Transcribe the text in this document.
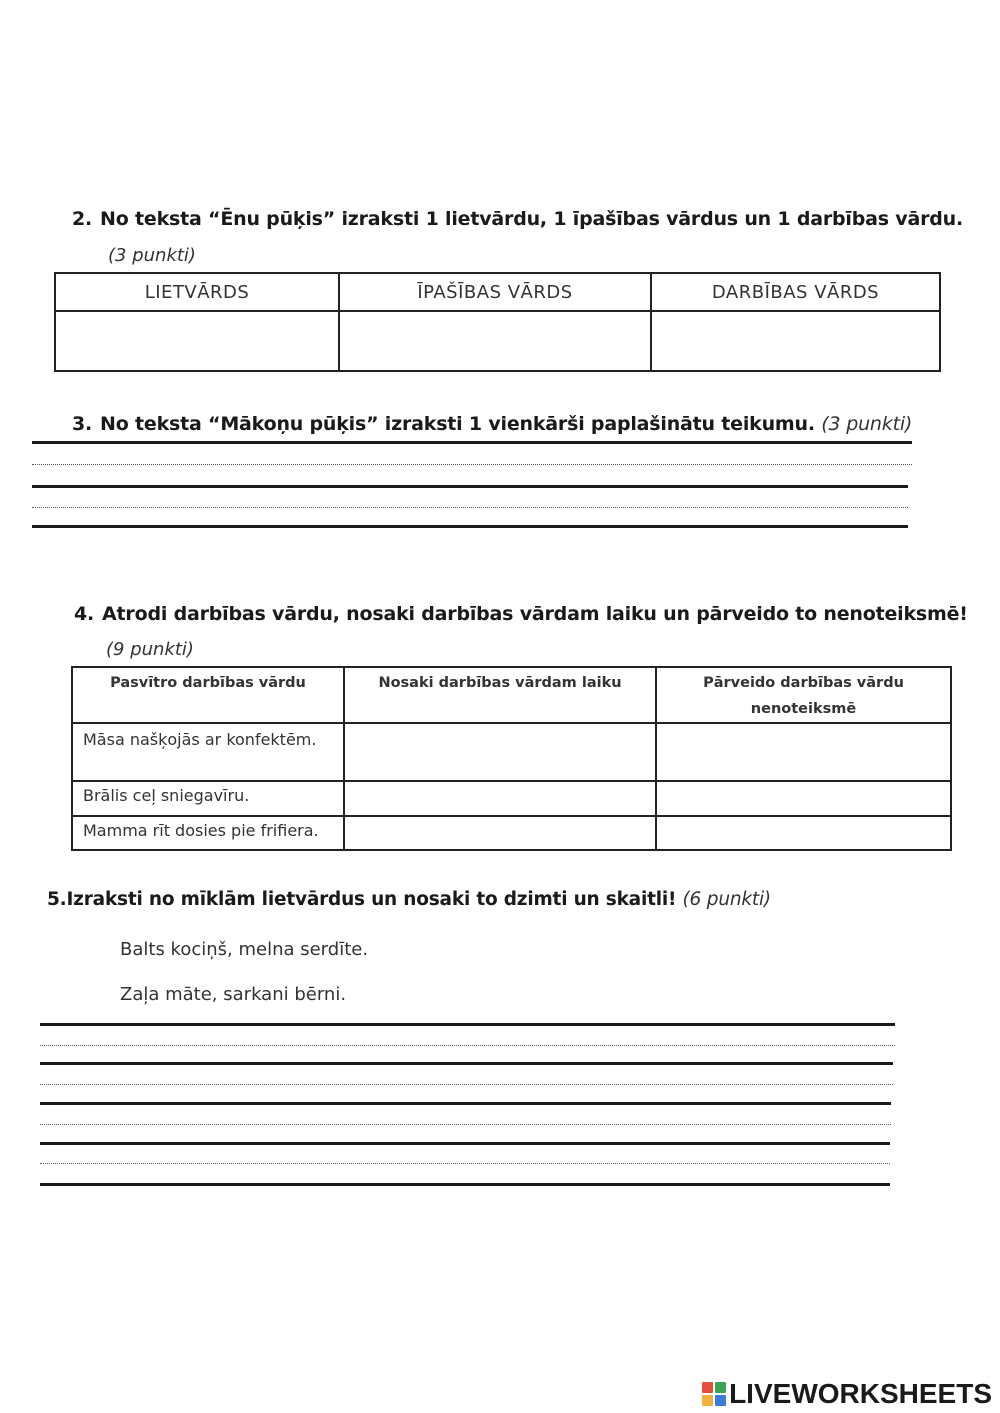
2. No teksta “Ēnu pūķis” izraksti 1 lietvārdu, 1 īpašības vārdus un 1 darbības vārdu.
(3 punkti)
LIETVĀRDS	ĪPAŠĪBAS VĀRDS	DARBĪBAS VĀRDS

3. No teksta “Mākoņu pūķis” izraksti 1 vienkārši paplašinātu teikumu. (3 punkti)
4. Atrodi darbības vārdu, nosaki darbības vārdam laiku un pārveido to nenoteiksmē!
(9 punkti)
Pasvītro darbības vārdu	Nosaki darbības vārdam laiku	Pārveido darbības vārdu nenoteiksmē
Māsa našķojās ar konfektēm.		
Brālis ceļ sniegavīru.		
Mamma rīt dosies pie frifiera.		
5.Izraksti no mīklām lietvārdus un nosaki to dzimti un skaitli! (6 punkti)
Balts kociņš, melna serdīte.
Zaļa māte, sarkani bērni.
LIVEWORKSHEETS
